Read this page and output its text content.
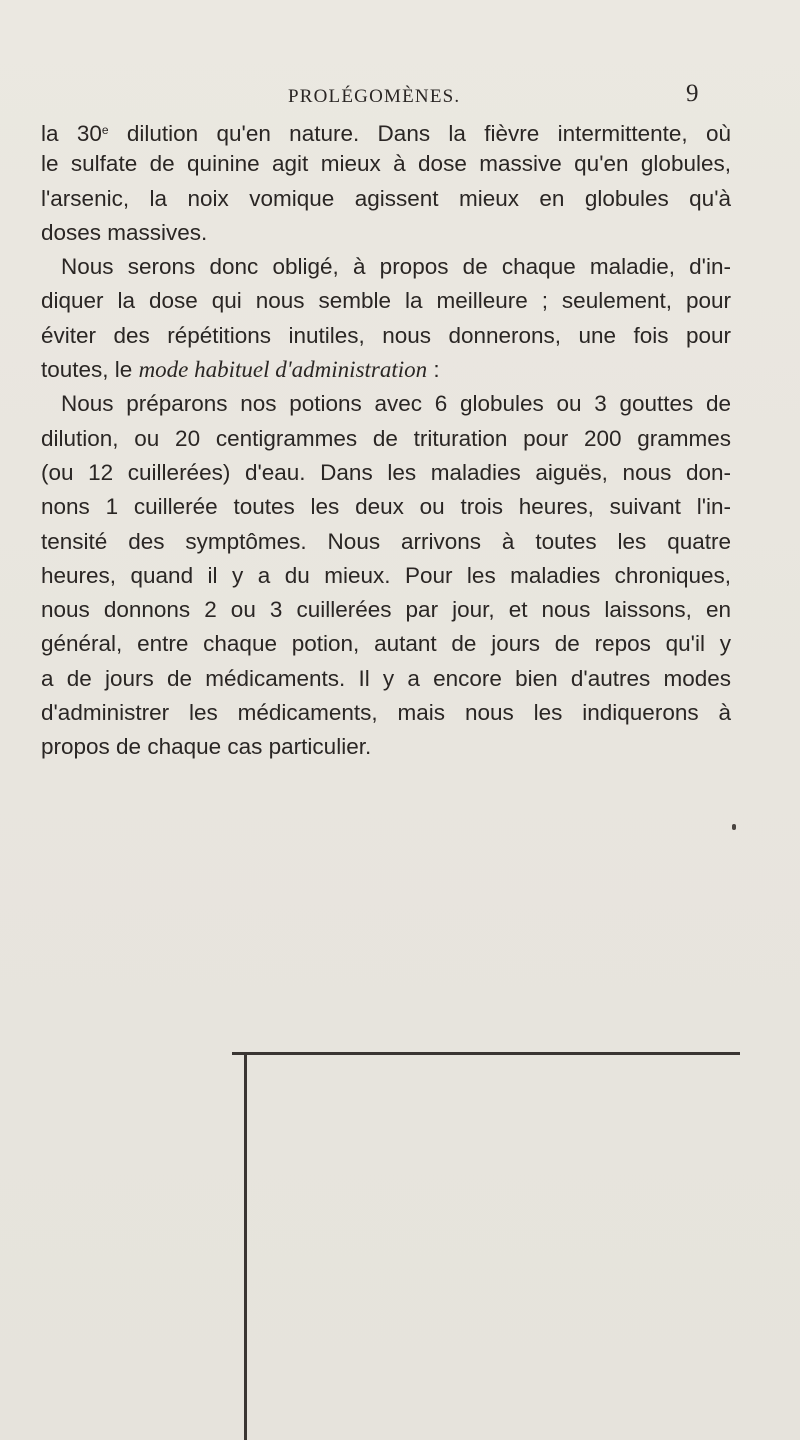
PROLÉGOMÈNES.	9
la 30e dilution qu'en nature. Dans la fièvre intermittente, où
le sulfate de quinine agit mieux à dose massive qu'en globules,
l'arsenic, la noix vomique agissent mieux en globules qu'à
doses massives.
Nous serons donc obligé, à propos de chaque maladie, d'in-
diquer la dose qui nous semble la meilleure ; seulement, pour
éviter des répétitions inutiles, nous donnerons, une fois pour
toutes, le mode habituel d'administration :
Nous préparons nos potions avec 6 globules ou 3 gouttes de
dilution, ou 20 centigrammes de trituration pour 200 grammes
(ou 12 cuillerées) d'eau. Dans les maladies aiguës, nous don-
nons 1 cuillerée toutes les deux ou trois heures, suivant l'in-
tensité des symptômes. Nous arrivons à toutes les quatre
heures, quand il y a du mieux. Pour les maladies chroniques,
nous donnons 2 ou 3 cuillerées par jour, et nous laissons, en
général, entre chaque potion, autant de jours de repos qu'il y
a de jours de médicaments. Il y a encore bien d'autres modes
d'administrer les médicaments, mais nous les indiquerons à
propos de chaque cas particulier.
